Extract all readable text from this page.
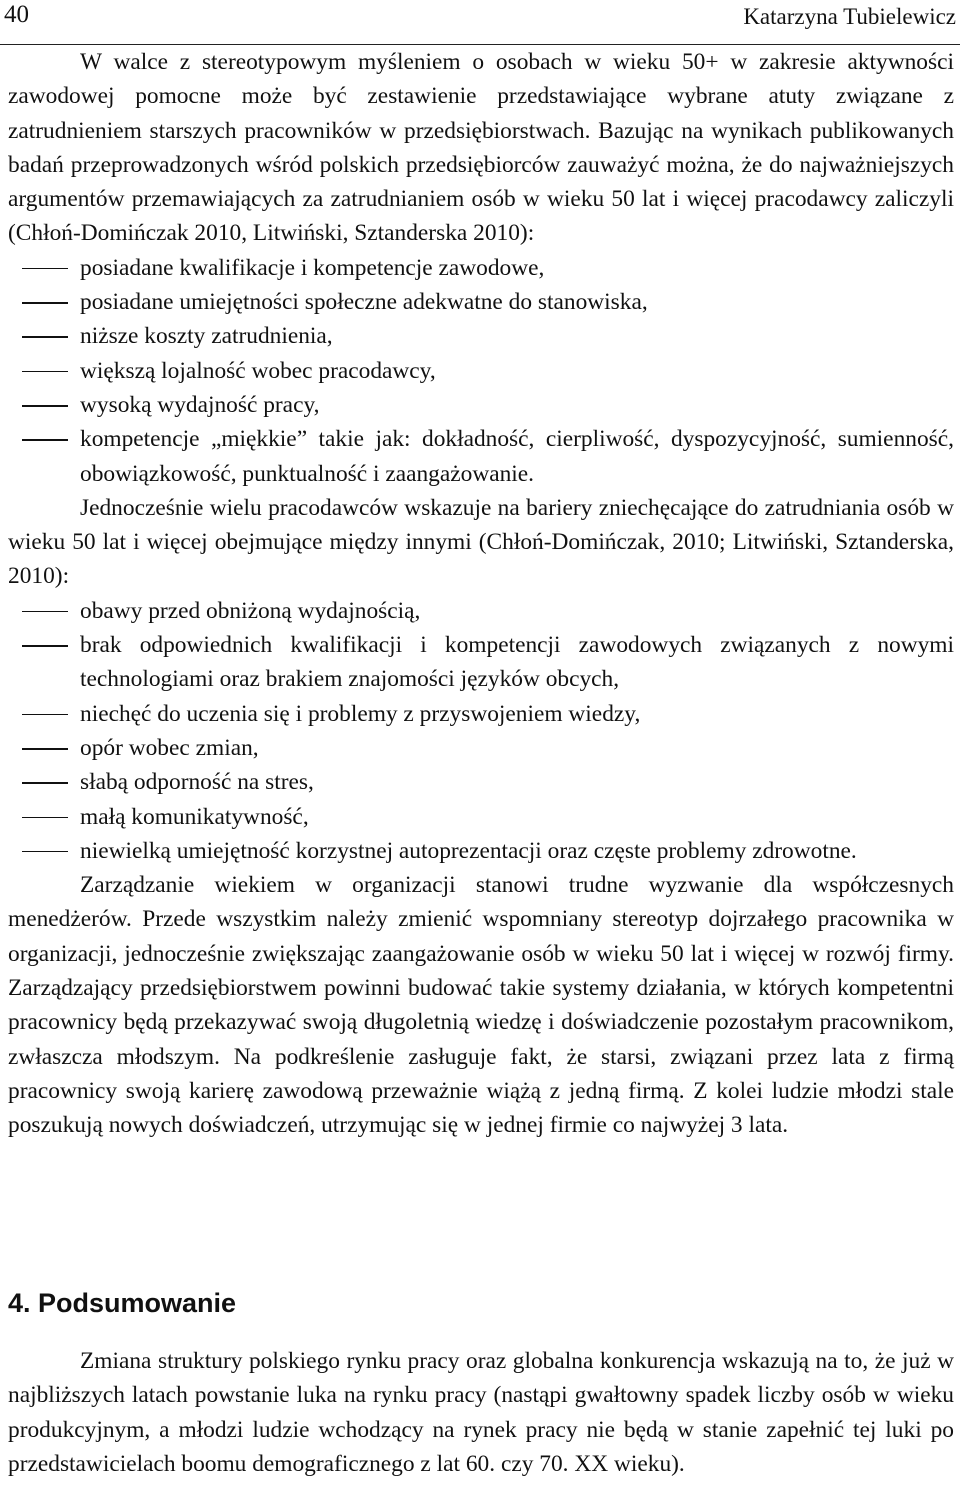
40	Katarzyna Tubielewicz

W walce z stereotypowym myśleniem o osobach w wieku 50+ w zakresie aktywności zawodowej pomocne może być zestawienie przedstawiające wybrane atuty związane z zatrudnieniem starszych pracowników w przedsiębiorstwach. Bazując na wynikach publikowanych badań przeprowadzonych wśród polskich przedsiębiorców zauważyć można, że do najważniejszych argumentów przemawiających za zatrudnianiem osób w wieku 50 lat i więcej pracodawcy zaliczyli (Chłoń-Domińczak 2010, Litwiński, Sztanderska 2010):

posiadane kwalifikacje i kompetencje zawodowe,
posiadane umiejętności społeczne adekwatne do stanowiska,
niższe koszty zatrudnienia,
większą lojalność wobec pracodawcy,
wysoką wydajność pracy,
kompetencje „miękkie” takie jak: dokładność, cierpliwość, dyspozycyjność, sumienność, obowiązkowość, punktualność i zaangażowanie.

Jednocześnie wielu pracodawców wskazuje na bariery zniechęcające do zatrudniania osób w wieku 50 lat i więcej obejmujące między innymi (Chłoń-Domińczak, 2010; Litwiński, Sztanderska, 2010):

obawy przed obniżoną wydajnością,
brak odpowiednich kwalifikacji i kompetencji zawodowych związanych z nowymi technologiami oraz brakiem znajomości języków obcych,
niechęć do uczenia się i problemy z przyswojeniem wiedzy,
opór wobec zmian,
słabą odporność na stres,
małą komunikatywność,
niewielką umiejętność korzystnej autoprezentacji oraz częste problemy zdrowotne.

Zarządzanie wiekiem w organizacji stanowi trudne wyzwanie dla współczesnych menedżerów. Przede wszystkim należy zmienić wspomniany stereotyp dojrzałego pracownika w organizacji, jednocześnie zwiększając zaangażowanie osób w wieku 50 lat i więcej w rozwój firmy. Zarządzający przedsiębiorstwem powinni budować takie systemy działania, w których kompetentni pracownicy będą przekazywać swoją długoletnią wiedzę i doświadczenie pozostałym pracownikom, zwłaszcza młodszym. Na podkreślenie zasługuje fakt, że starsi, związani przez lata z firmą pracownicy swoją karierę zawodową przeważnie wiążą z jedną firmą. Z kolei ludzie młodzi stale poszukują nowych doświadczeń, utrzymując się w jednej firmie co najwyżej 3 lata.

4. Podsumowanie

Zmiana struktury polskiego rynku pracy oraz globalna konkurencja wskazują na to, że już w najbliższych latach powstanie luka na rynku pracy (nastąpi gwałtowny spadek liczby osób w wieku produkcyjnym, a młodzi ludzie wchodzący na rynek pracy nie będą w stanie zapełnić tej luki po przedstawicielach boomu demograficznego z lat 60. czy 70. XX wieku).
